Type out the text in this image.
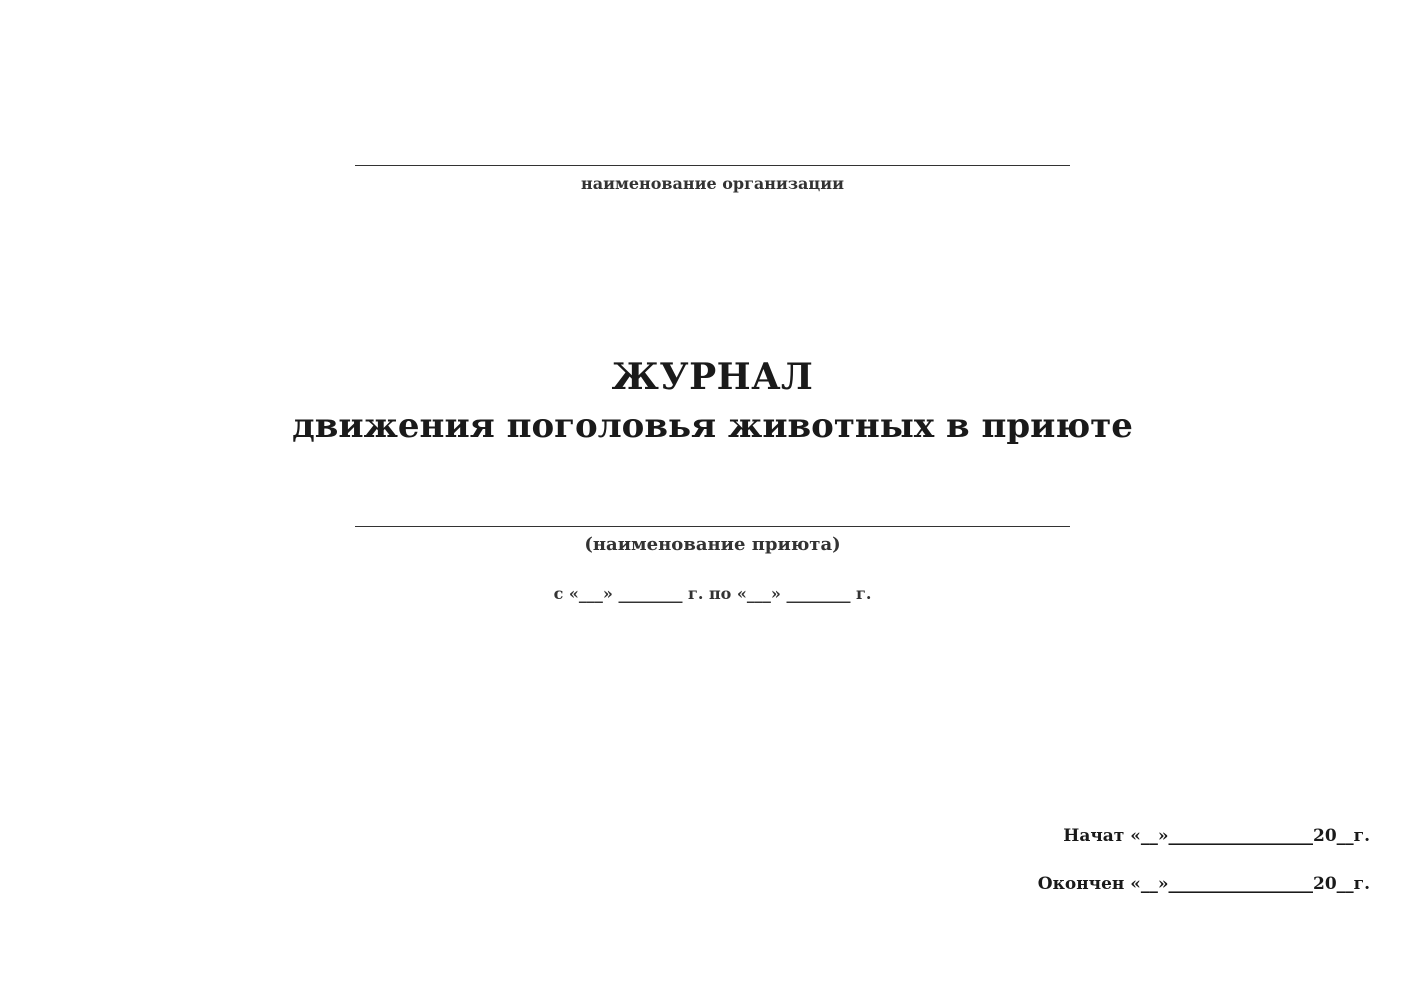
наименование организации
ЖУРНАЛ
движения поголовья животных в приюте
(наименование приюта)
с «___» ________ г. по «___» ________ г.
Начат «__»_________________20__г.
Окончен «__»_________________20__г.
